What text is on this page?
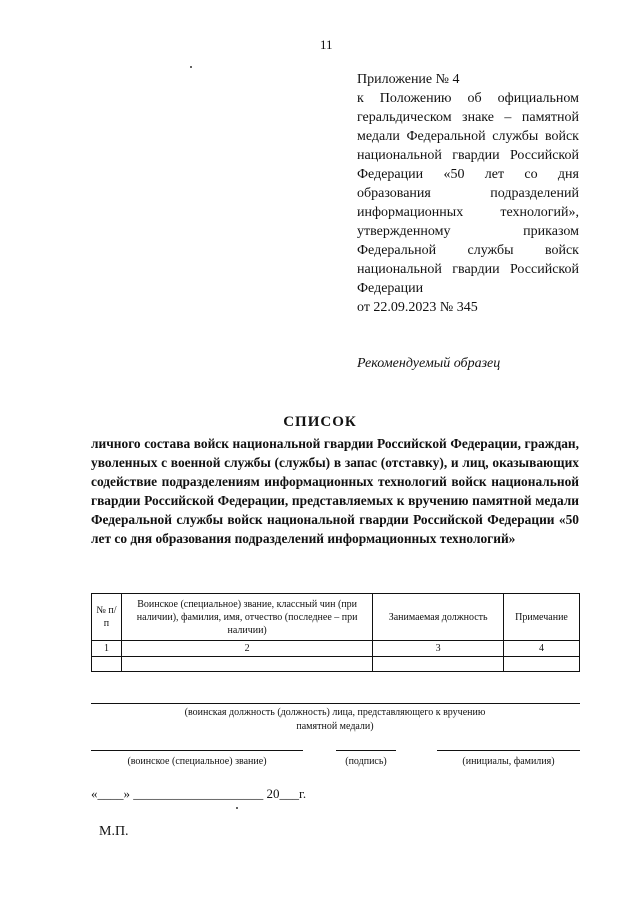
11
Приложение № 4
к Положению об официальном геральдическом знаке – памятной медали Федеральной службы войск национальной гвардии Российской Федерации «50 лет со дня образования подразделений информационных технологий», утвержденному приказом Федеральной службы войск национальной гвардии Российской Федерации
от 22.09.2023 № 345
Рекомендуемый образец
СПИСОК
личного состава войск национальной гвардии Российской Федерации, граждан, уволенных с военной службы (службы) в запас (отставку), и лиц, оказывающих содействие подразделениям информационных технологий войск национальной гвардии Российской Федерации, представляемых к вручению памятной медали Федеральной службы войск национальной гвардии Российской Федерации «50 лет со дня образования подразделений информационных технологий»
№ п/п	Воинское (специальное) звание, классный чин (при наличии), фамилия, имя, отчество (последнее – при наличии)	Занимаемая должность	Примечание
1	2	3	4

(воинская должность (должность) лица, представляющего к вручению памятной медали)
(воинское (специальное) звание)	(подпись)	(инициалы, фамилия)
«____» ____________________ 20___г.
М.П.
